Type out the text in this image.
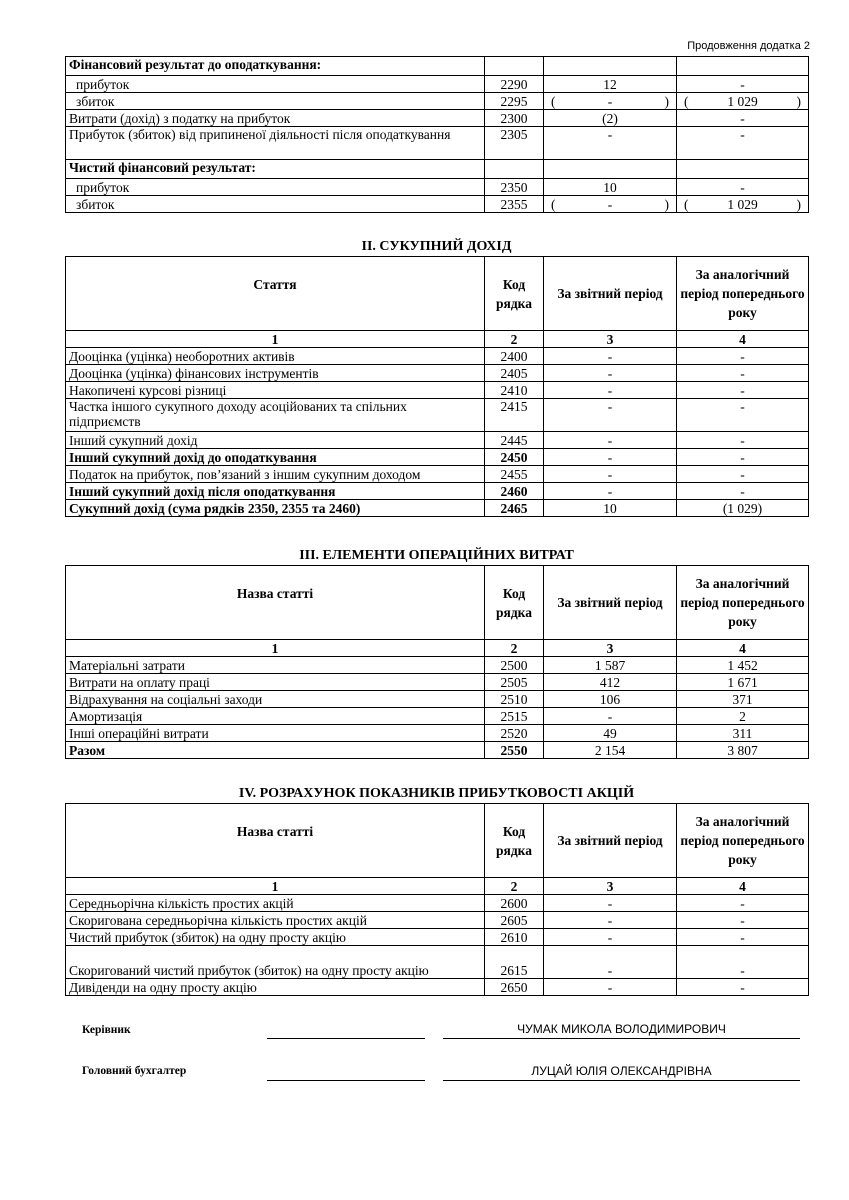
Продовження додатка 2
Фінансовий результат до оподаткування:			
прибуток	2290	12	-
збиток	2295	( - )	( 1 029 )

Витрати (дохід) з податку на прибуток	2300	(2)	-
Прибуток (збиток) від припиненої діяльності після оподаткування	2305	-	-
Чистий фінансовий результат:			
прибуток	2350	10	-
збиток	2355	( - )	( 1 029 )
ІІ. СУКУПНИЙ ДОХІД
Стаття	Код рядка	За звітний період	За аналогічний період попереднього року
1	2	3	4
Дооцінка (уцінка) необоротних активів	2400	-	-
Дооцінка (уцінка) фінансових інструментів	2405	-	-
Накопичені курсові різниці	2410	-	-
Частка іншого сукупного доходу асоційованих та спільних підприємств	2415	-	-
Інший сукупний дохід	2445	-	-
Інший сукупний дохід до оподаткування	2450	-	-
Податок на прибуток, пов’язаний з іншим сукупним доходом	2455	-	-
Інший сукупний дохід після оподаткування	2460	-	-
Сукупний дохід (сума рядків 2350, 2355 та 2460)	2465	10	(1 029)
ІІІ. ЕЛЕМЕНТИ ОПЕРАЦІЙНИХ ВИТРАТ
Назва статті	Код рядка	За звітний період	За аналогічний період попереднього року
1	2	3	4
Матеріальні затрати	2500	1 587	1 452
Витрати на оплату праці	2505	412	1 671
Відрахування на соціальні заходи	2510	106	371
Амортизація	2515	-	2
Інші операційні витрати	2520	49	311
Разом	2550	2 154	3 807
IV. РОЗРАХУНОК ПОКАЗНИКІВ ПРИБУТКОВОСТІ АКЦІЙ
Назва статті	Код рядка	За звітний період	За аналогічний період попереднього року
1	2	3	4
Середньорічна кількість простих акцій	2600	-	-
Скоригована середньорічна кількість простих акцій	2605	-	-
Чистий прибуток (збиток) на одну просту акцію	2610	-	-
Скоригований чистий прибуток (збиток) на одну просту акцію	2615	-	-
Дивіденди на одну просту акцію	2650	-	-
Керівник	ЧУМАК МИКОЛА ВОЛОДИМИРОВИЧ
Головний бухгалтер	ЛУЦАЙ ЮЛІЯ ОЛЕКСАНДРІВНА
